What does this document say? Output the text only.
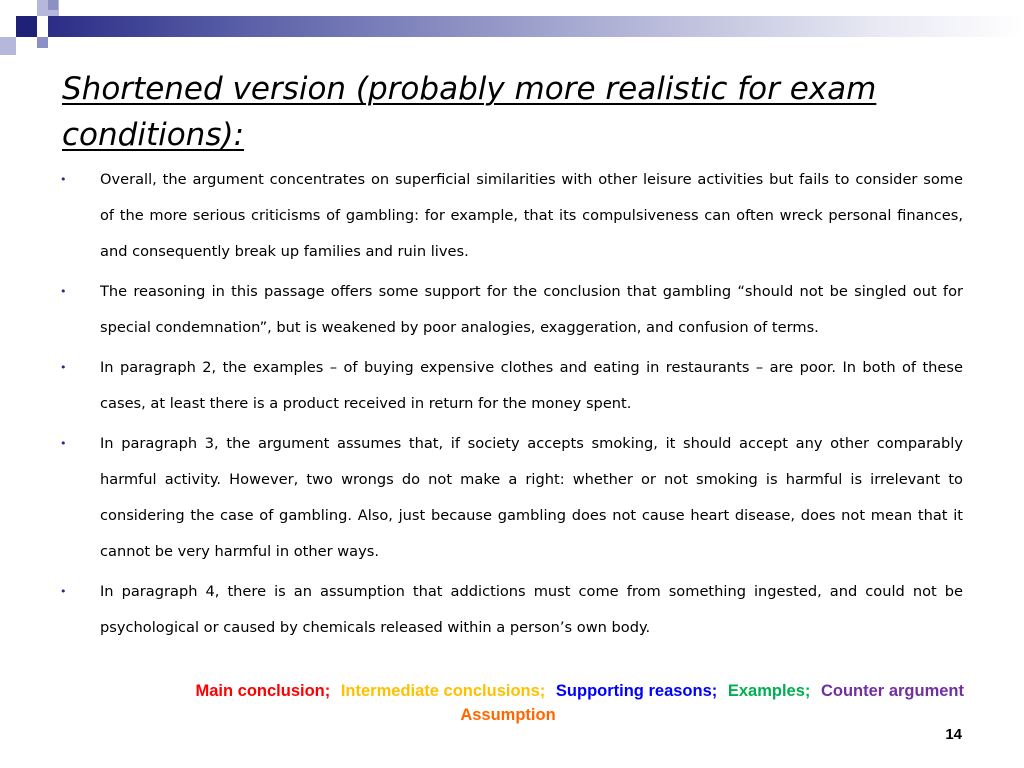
Shortened version (probably more realistic for exam conditions):
• Overall, the argument concentrates on superficial similarities with other leisure activities but fails to consider some of the more serious criticisms of gambling: for example, that its compulsiveness can often wreck personal finances, and consequently break up families and ruin lives.
• The reasoning in this passage offers some support for the conclusion that gambling “should not be singled out for special condemnation”, but is weakened by poor analogies, exaggeration, and confusion of terms.
• In paragraph 2, the examples – of buying expensive clothes and eating in restaurants – are poor. In both of these cases, at least there is a product received in return for the money spent.
• In paragraph 3, the argument assumes that, if society accepts smoking, it should accept any other comparably harmful activity. However, two wrongs do not make a right: whether or not smoking is harmful is irrelevant to considering the case of gambling. Also, just because gambling does not cause heart disease, does not mean that it cannot be very harmful in other ways.
• In paragraph 4, there is an assumption that addictions must come from something ingested, and could not be psychological or caused by chemicals released within a person’s own body.
Main conclusion; Intermediate conclusions; Supporting reasons; Examples; Counter argument
Assumption
14
